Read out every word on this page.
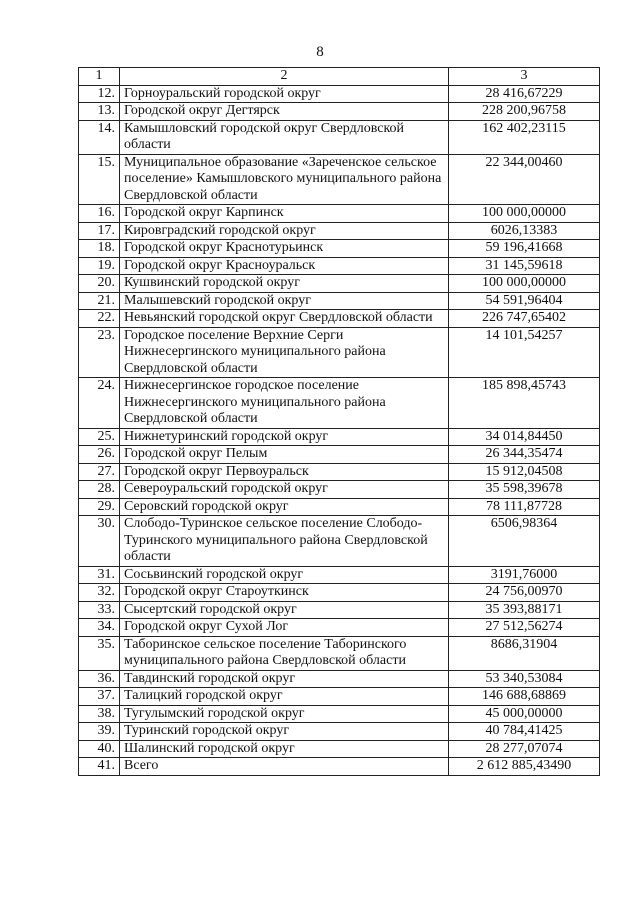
8
1	2	3
12.	Горноуральский городской округ	28 416,67229
13.	Городской округ Дегтярск	228 200,96758
14.	Камышловский городской округ Свердловской области	162 402,23115
15.	Муниципальное образование «Зареченское сельское поселение» Камышловского муниципального района Свердловской области	22 344,00460
16.	Городской округ Карпинск	100 000,00000
17.	Кировградский городской округ	6026,13383
18.	Городской округ Краснотурьинск	59 196,41668
19.	Городской округ Красноуральск	31 145,59618
20.	Кушвинский городской округ	100 000,00000
21.	Малышевский городской округ	54 591,96404
22.	Невьянский городской округ Свердловской области	226 747,65402
23.	Городское поселение Верхние Серги Нижнесергинского муниципального района Свердловской области	14 101,54257
24.	Нижнесергинское городское поселение Нижнесергинского муниципального района Свердловской области	185 898,45743
25.	Нижнетуринский городской округ	34 014,84450
26.	Городской округ Пелым	26 344,35474
27.	Городской округ Первоуральск	15 912,04508
28.	Североуральский городской округ	35 598,39678
29.	Серовский городской округ	78 111,87728
30.	Слободо-Туринское сельское поселение Слободо-Туринского муниципального района Свердловской области	6506,98364
31.	Сосьвинский городской округ	3191,76000
32.	Городской округ Староуткинск	24 756,00970
33.	Сысертский городской округ	35 393,88171
34.	Городской округ Сухой Лог	27 512,56274
35.	Таборинское сельское поселение Таборинского муниципального района Свердловской области	8686,31904
36.	Тавдинский городской округ	53 340,53084
37.	Талицкий городской округ	146 688,68869
38.	Тугулымский городской округ	45 000,00000
39.	Туринский городской округ	40 784,41425
40.	Шалинский городской округ	28 277,07074
41.	Всего	2 612 885,43490
